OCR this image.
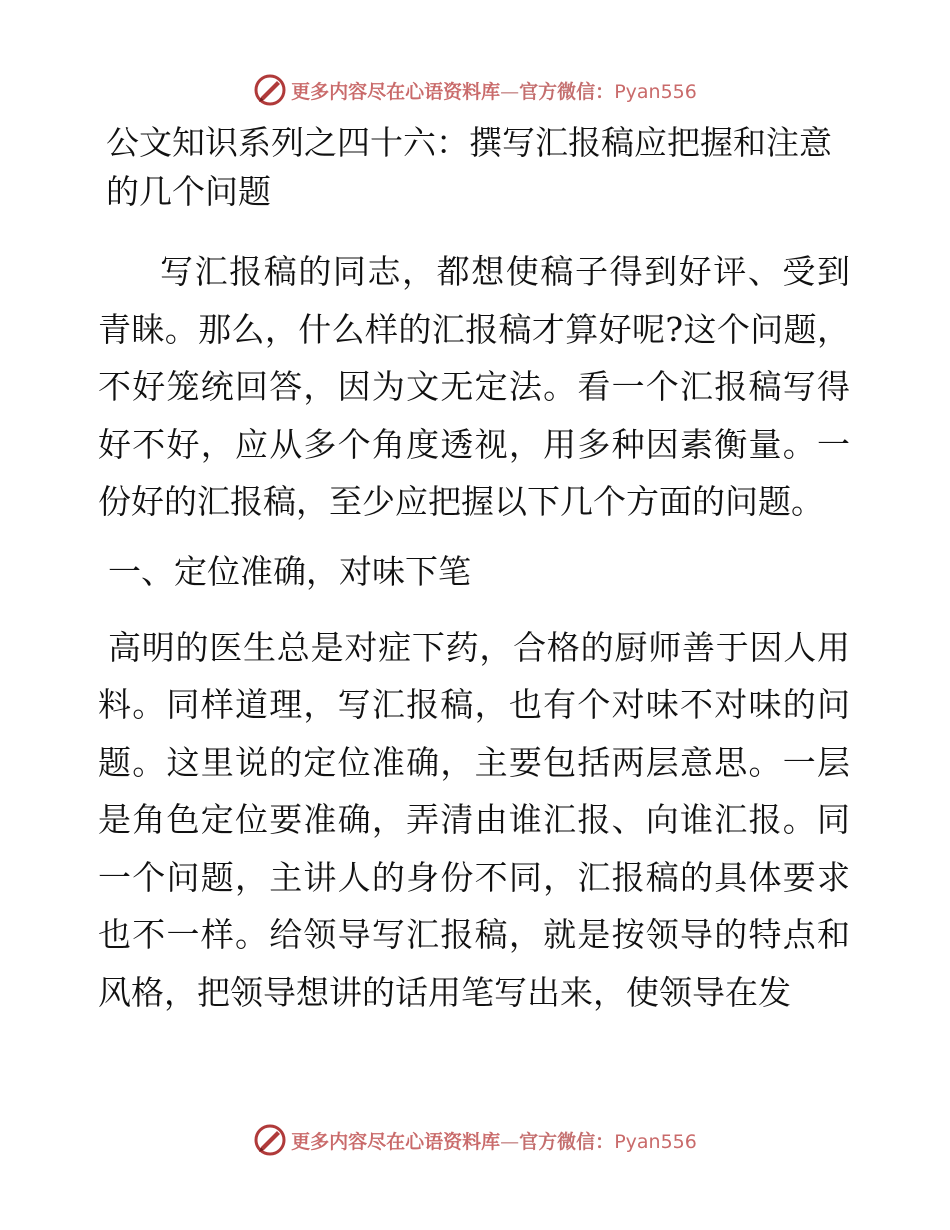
更多内容尽在心语资料库—官方微信：Pyan556
公文知识系列之四十六：撰写汇报稿应把握和注意的几个问题

写汇报稿的同志，都想使稿子得到好评、受到青睐。那么，什么样的汇报稿才算好呢?这个问题，不好笼统回答，因为文无定法。看一个汇报稿写得好不好，应从多个角度透视，用多种因素衡量。一份好的汇报稿，至少应把握以下几个方面的问题。

一、定位准确，对味下笔

高明的医生总是对症下药，合格的厨师善于因人用料。同样道理，写汇报稿，也有个对味不对味的问题。这里说的定位准确，主要包括两层意思。一层是角色定位要准确，弄清由谁汇报、向谁汇报。同一个问题，主讲人的身份不同，汇报稿的具体要求也不一样。给领导写汇报稿，就是按领导的特点和风格，把领导想讲的话用笔写出来，使领导在发

更多内容尽在心语资料库—官方微信：Pyan556
